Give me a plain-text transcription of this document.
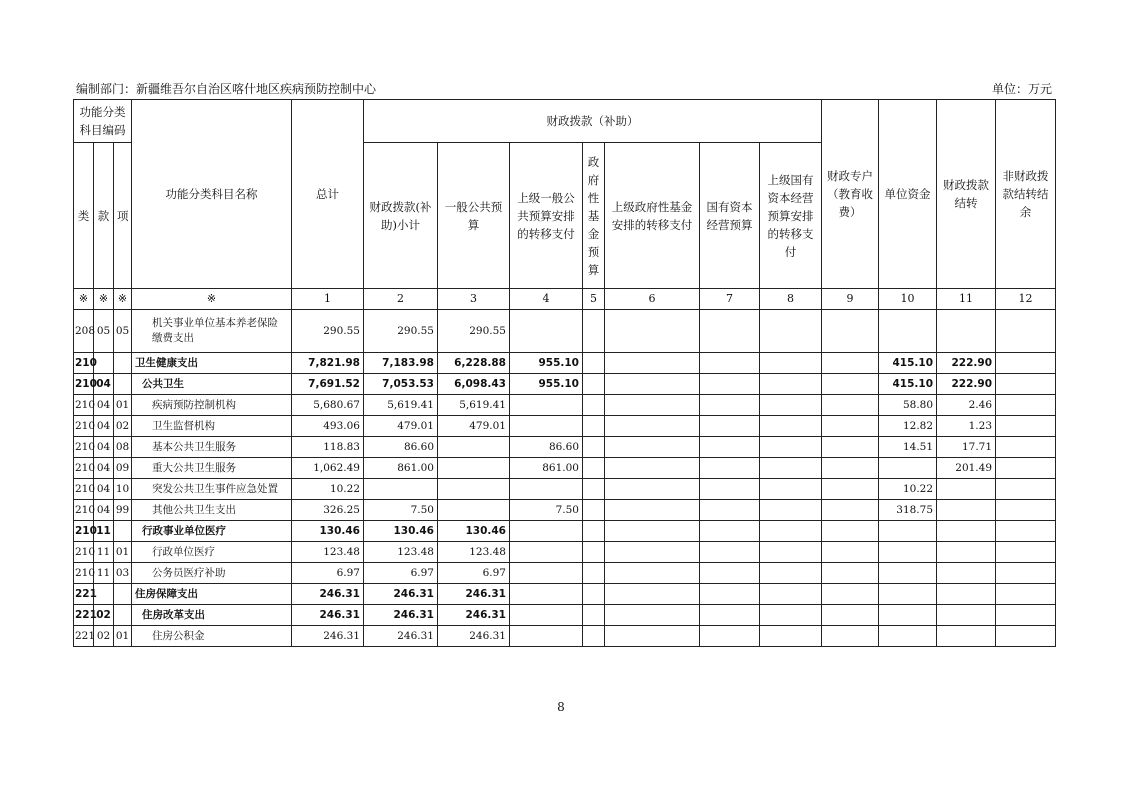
编制部门：新疆维吾尔自治区喀什地区疾病预防控制中心	单位：万元
功能分类科目编码			功能分类科目名称	总计	财政拨款（补助）							财政专户（教育收费）	单位资金	财政拨款结转	非财政拨款结转结余
类	款	项			财政拨款(补助)小计	一般公共预算	上级一般公共预算安排的转移支付	政府性基金预算	上级政府性基金安排的转移支付	国有资本经营预算	上级国有资本经营预算安排的转移支付				
※	※	※	※	1	2	3	4	5	6	7	8	9	10	11	12
208	05	05	机关事业单位基本养老保险缴费支出	290.55	290.55	290.55									
210			卫生健康支出	7,821.98	7,183.98	6,228.88	955.10						415.10	222.90	
210	04		公共卫生	7,691.52	7,053.53	6,098.43	955.10						415.10	222.90	
210	04	01	疾病预防控制机构	5,680.67	5,619.41	5,619.41							58.80	2.46	
210	04	02	卫生监督机构	493.06	479.01	479.01							12.82	1.23	
210	04	08	基本公共卫生服务	118.83	86.60		86.60						14.51	17.71	
210	04	09	重大公共卫生服务	1,062.49	861.00		861.00							201.49	
210	04	10	突发公共卫生事件应急处置	10.22									10.22		
210	04	99	其他公共卫生支出	326.25	7.50		7.50						318.75		
210	11		行政事业单位医疗	130.46	130.46	130.46									
210	11	01	行政单位医疗	123.48	123.48	123.48									
210	11	03	公务员医疗补助	6.97	6.97	6.97									
221			住房保障支出	246.31	246.31	246.31									
221	02		住房改革支出	246.31	246.31	246.31									
221	02	01	住房公积金	246.31	246.31	246.31									
8
